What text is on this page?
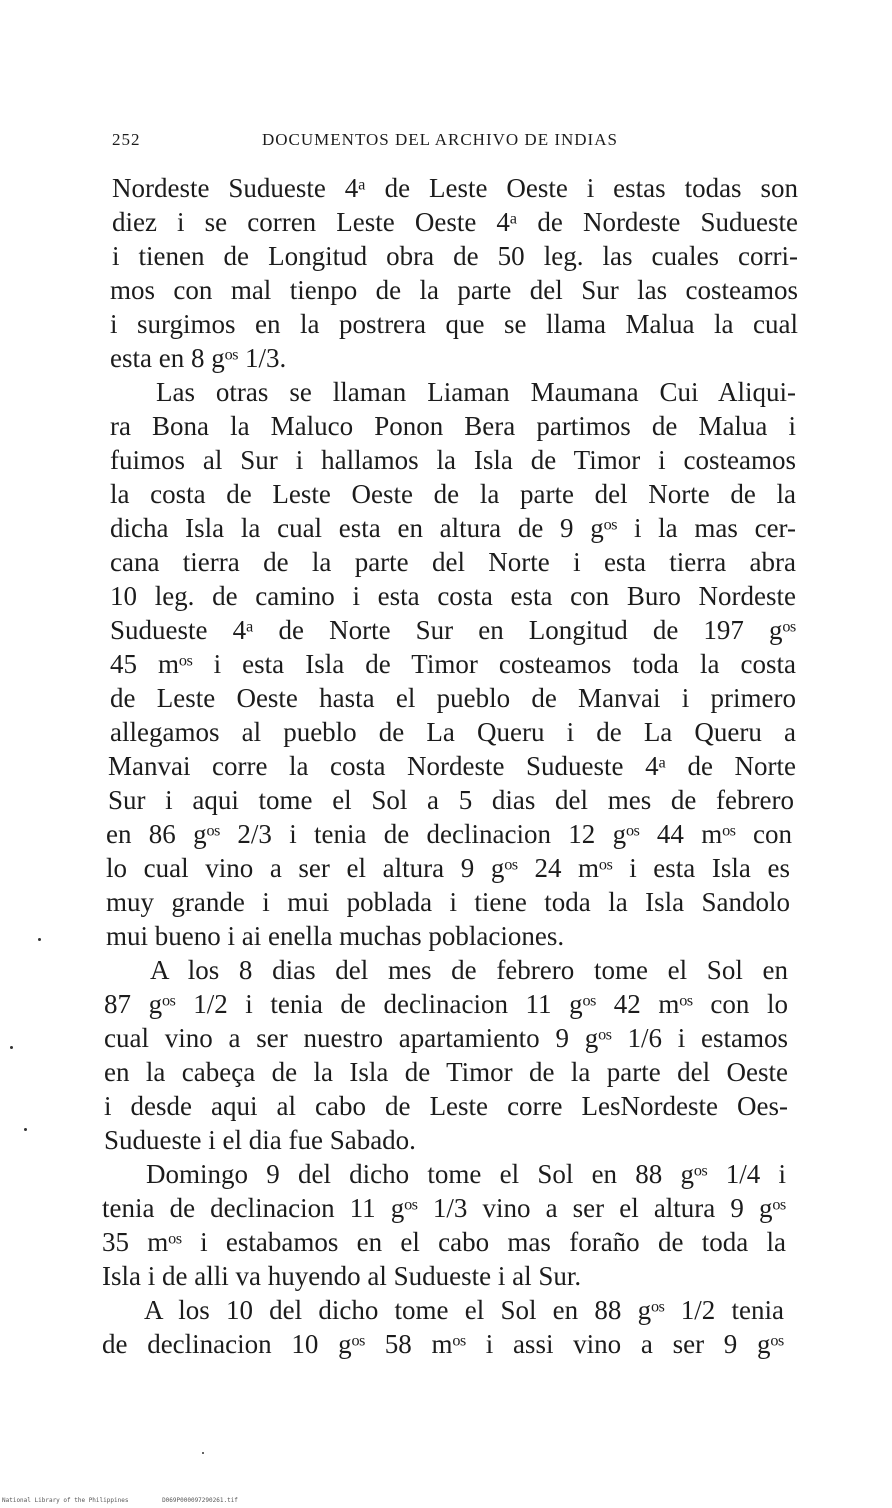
252	DOCUMENTOS DEL ARCHIVO DE INDIAS
Nordeste Sudueste 4ᵃ de Leste Oeste i estas todas son
diez i se corren Leste Oeste 4ᵃ de Nordeste Sudueste
i tienen de Longitud obra de 50 leg. las cuales corri-
mos con mal tienpo de la parte del Sur las costeamos
i surgimos en la postrera que se llama Malua la cual
esta en 8 gᵒˢ 1/3.
Las otras se llaman Liaman Maumana Cui Aliqui-
ra Bona la Maluco Ponon Bera partimos de Malua i
fuimos al Sur i hallamos la Isla de Timor i costeamos
la costa de Leste Oeste de la parte del Norte de la
dicha Isla la cual esta en altura de 9 gᵒˢ i la mas cer-
cana tierra de la parte del Norte i esta tierra abra
10 leg. de camino i esta costa esta con Buro Nordeste
Sudueste 4ᵃ de Norte Sur en Longitud de 197 gᵒˢ
45 mᵒˢ i esta Isla de Timor costeamos toda la costa
de Leste Oeste hasta el pueblo de Manvai i primero
allegamos al pueblo de La Queru i de La Queru a
Manvai corre la costa Nordeste Sudueste 4ᵃ de Norte
Sur i aqui tome el Sol a 5 dias del mes de febrero
en 86 gᵒˢ 2/3 i tenia de declinacion 12 gᵒˢ 44 mᵒˢ con
lo cual vino a ser el altura 9 gᵒˢ 24 mᵒˢ i esta Isla es
muy grande i mui poblada i tiene toda la Isla Sandolo
mui bueno i ai enella muchas poblaciones.
A los 8 dias del mes de febrero tome el Sol en
87 gᵒˢ 1/2 i tenia de declinacion 11 gᵒˢ 42 mᵒˢ con lo
cual vino a ser nuestro apartamiento 9 gᵒˢ 1/6 i estamos
en la cabeça de la Isla de Timor de la parte del Oeste
i desde aqui al cabo de Leste corre LesNordeste Oes-
Sudueste i el dia fue Sabado.
Domingo 9 del dicho tome el Sol en 88 gᵒˢ 1/4 i
tenia de declinacion 11 gᵒˢ 1/3 vino a ser el altura 9 gᵒˢ
35 mᵒˢ i estabamos en el cabo mas foraño de toda la
Isla i de alli va huyendo al Sudueste i al Sur.
A los 10 del dicho tome el Sol en 88 gᵒˢ 1/2 tenia
de declinacion 10 gᵒˢ 58 mᵒˢ i assi vino a ser 9 gᵒˢ
National Library of the Philippines	D069P000097290261.tif
